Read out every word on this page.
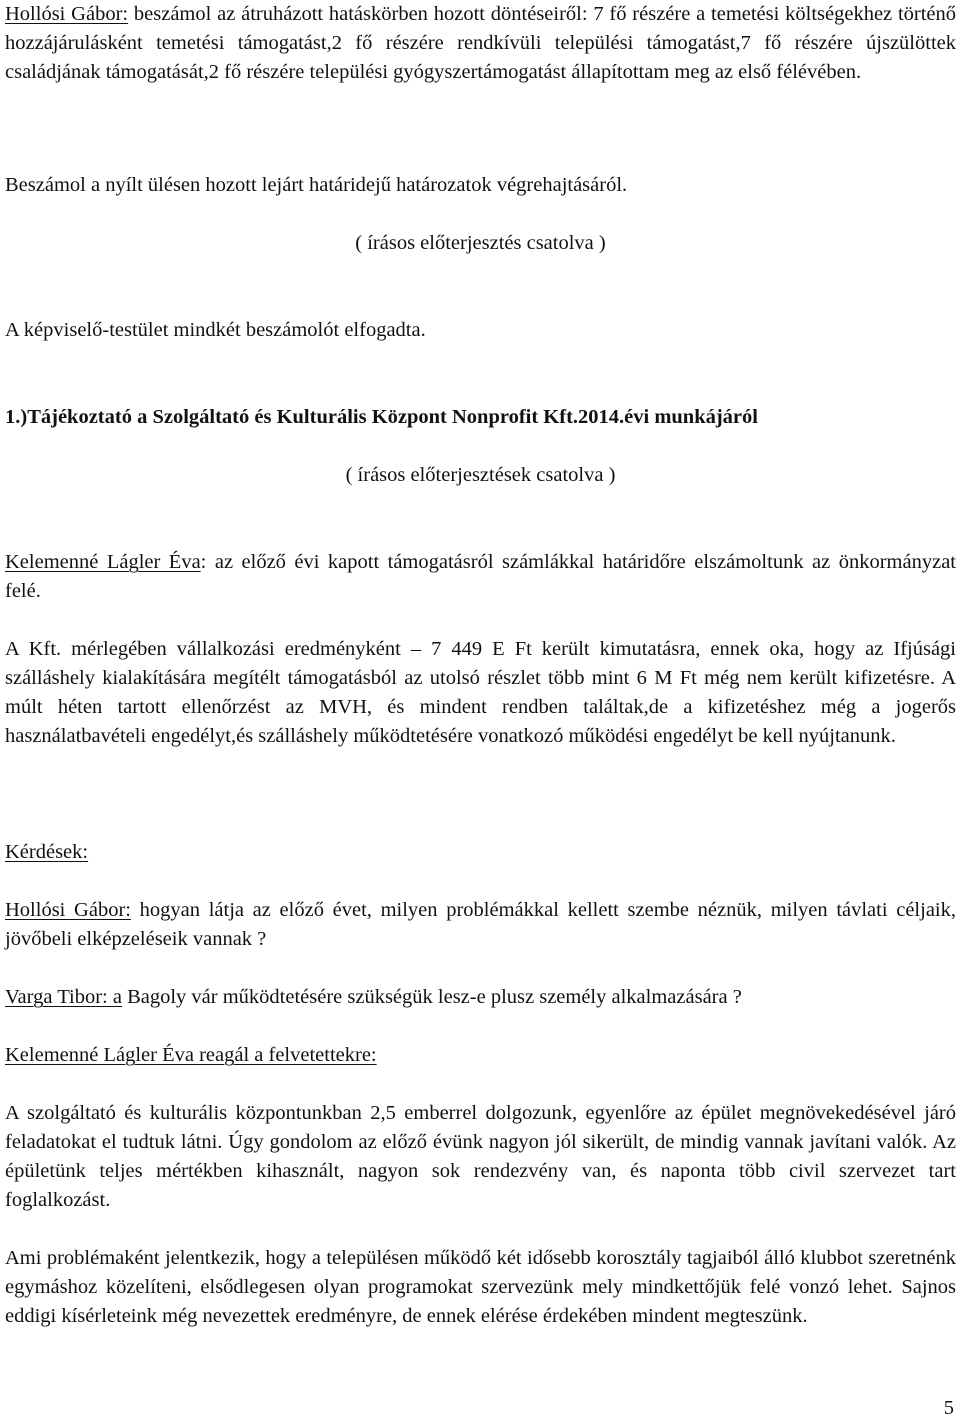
Hollósi Gábor: beszámol az átruházott hatáskörben hozott döntéseiről: 7 fő részére a temetési költségekhez történő hozzájárulásként temetési támogatást,2 fő részére rendkívüli települési támogatást,7 fő részére újszülöttek családjának támogatását,2 fő részére települési gyógyszertámogatást állapítottam meg az első félévében.

Beszámol a nyílt ülésen hozott lejárt határidejű határozatok végrehajtásáról.

( írásos előterjesztés csatolva )

A képviselő-testület mindkét beszámolót elfogadta.

1.)Tájékoztató a Szolgáltató és Kulturális Központ Nonprofit Kft.2014.évi munkájáról

( írásos előterjesztések csatolva )

Kelemenné Lágler Éva: az előző évi kapott támogatásról számlákkal határidőre elszámoltunk az önkormányzat felé.

A Kft. mérlegében vállalkozási eredményként – 7 449 E Ft került kimutatásra, ennek oka, hogy az Ifjúsági szálláshely kialakítására megítélt támogatásból az utolsó részlet több mint 6 M Ft még nem került kifizetésre. A múlt héten tartott ellenőrzést az MVH, és mindent rendben találtak,de a kifizetéshez még a jogerős használatbavételi engedélyt,és szálláshely működtetésére vonatkozó működési engedélyt be kell nyújtanunk.

Kérdések:

Hollósi Gábor: hogyan látja az előző évet, milyen problémákkal kellett szembe néznük, milyen távlati céljaik, jövőbeli elképzeléseik vannak ?

Varga Tibor: a Bagoly vár működtetésére szükségük lesz-e plusz személy alkalmazására ?

Kelemenné Lágler Éva reagál a felvetettekre:

A szolgáltató és kulturális központunkban 2,5 emberrel dolgozunk, egyenlőre az épület megnövekedésével járó feladatokat el tudtuk látni. Úgy gondolom az előző évünk nagyon jól sikerült, de mindig vannak javítani valók. Az épületünk teljes mértékben kihasznált, nagyon sok rendezvény van, és naponta több civil szervezet tart foglalkozást.

Ami problémaként jelentkezik, hogy a településen működő két idősebb korosztály tagjaiból álló klubbot szeretnénk egymáshoz közelíteni, elsődlegesen olyan programokat szervezünk mely mindkettőjük felé vonzó lehet. Sajnos eddigi kísérleteink még nevezettek eredményre, de ennek elérése érdekében mindent megteszünk.

5
